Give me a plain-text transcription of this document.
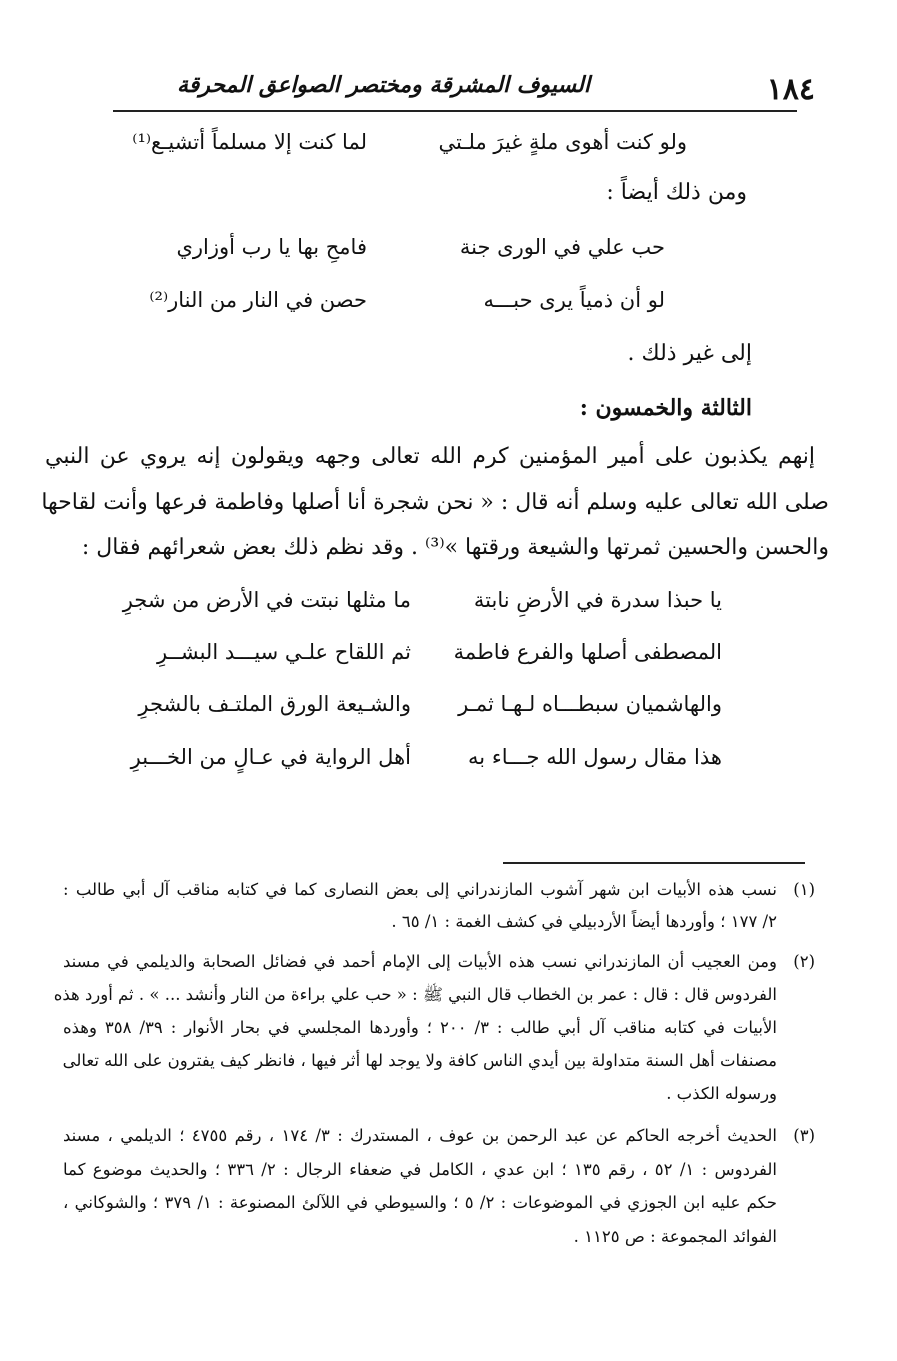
١٨٤
السيوف المشرقة ومختصر الصواعق المحرقة
ولو كنت أهوى ملةٍ غيرَ ملـتي
لما كنت إلا مسلماً أتشيـع⁽¹⁾
ومن ذلك أيضاً :
حب علي في الورى جنة
فامحِ بها يا رب أوزاري
لو أن ذمياً يرى حبـــه
حصن في النار من النار⁽²⁾
إلى غير ذلك .
الثالثة والخمسون :
إنهم يكذبون على أمير المؤمنين كرم الله تعالى وجهه ويقولون إنه يروي عن النبي
صلى الله تعالى عليه وسلم أنه قال : « نحن شجرة أنا أصلها وفاطمة فرعها وأنت لقاحها
والحسن والحسين ثمرتها والشيعة ورقتها »⁽³⁾ . وقد نظم ذلك بعض شعرائهم فقال :
يا حبذا سدرة في الأرضِ نابتة
ما مثلها نبتت في الأرض من شجرِ
المصطفى أصلها والفرع فاطمة
ثم اللقاح علـي سيـــد البشــرِ
والهاشميان سبطـــاه لـهـا ثمـر
والشـيعة الورق الملتـف بالشجرِ
هذا مقال رسول الله جـــاء به
أهل الرواية في عـالٍ من الخـــبرِ
(١)
نسب هذه الأبيات ابن شهر آشوب المازندراني إلى بعض النصارى كما في كتابه مناقب آل أبي طالب :
٢/ ١٧٧ ؛ وأوردها أيضاً الأردبيلي في كشف الغمة : ١/ ٦٥ .
(٢)
ومن العجيب أن المازندراني نسب هذه الأبيات إلى الإمام أحمد في فضائل الصحابة والديلمي في مسند
الفردوس قال : قال : عمر بن الخطاب قال النبي ﷺ : « حب علي براءة من النار وأنشد ... » . ثم أورد هذه
الأبيات في كتابه مناقب آل أبي طالب : ٣/ ٢٠٠ ؛ وأوردها المجلسي في بحار الأنوار : ٣٩/ ٣٥٨ وهذه
مصنفات أهل السنة متداولة بين أيدي الناس كافة ولا يوجد لها أثر فيها ، فانظر كيف يفترون على الله تعالى
ورسوله الكذب .
(٣)
الحديث أخرجه الحاكم عن عبد الرحمن بن عوف ، المستدرك : ٣/ ١٧٤ ، رقم ٤٧٥٥ ؛ الديلمي ، مسند
الفردوس : ١/ ٥٢ ، رقم ١٣٥ ؛ ابن عدي ، الكامل في ضعفاء الرجال : ٢/ ٣٣٦ ؛ والحديث موضوع كما
حكم عليه ابن الجوزي في الموضوعات : ٢/ ٥ ؛ والسيوطي في اللآلئ المصنوعة : ١/ ٣٧٩ ؛ والشوكاني ،
الفوائد المجموعة : ص ١١٢٥ .
